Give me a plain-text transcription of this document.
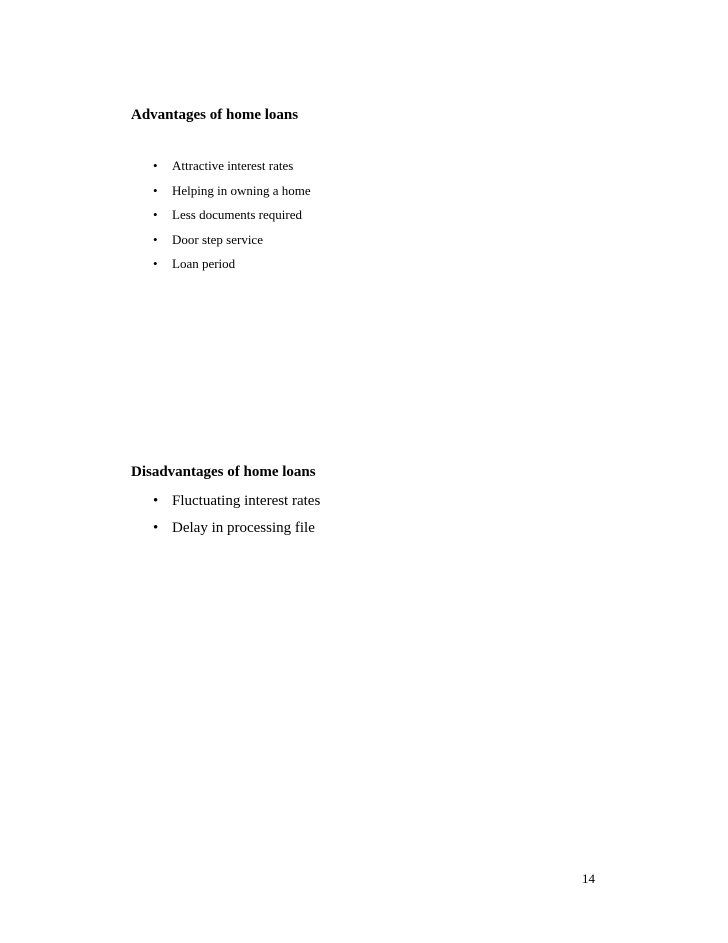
Advantages of home loans
• Attractive interest rates
• Helping in owning a home
• Less documents required
• Door step service
• Loan period
Disadvantages of home loans
• Fluctuating interest rates
• Delay in processing file
14
